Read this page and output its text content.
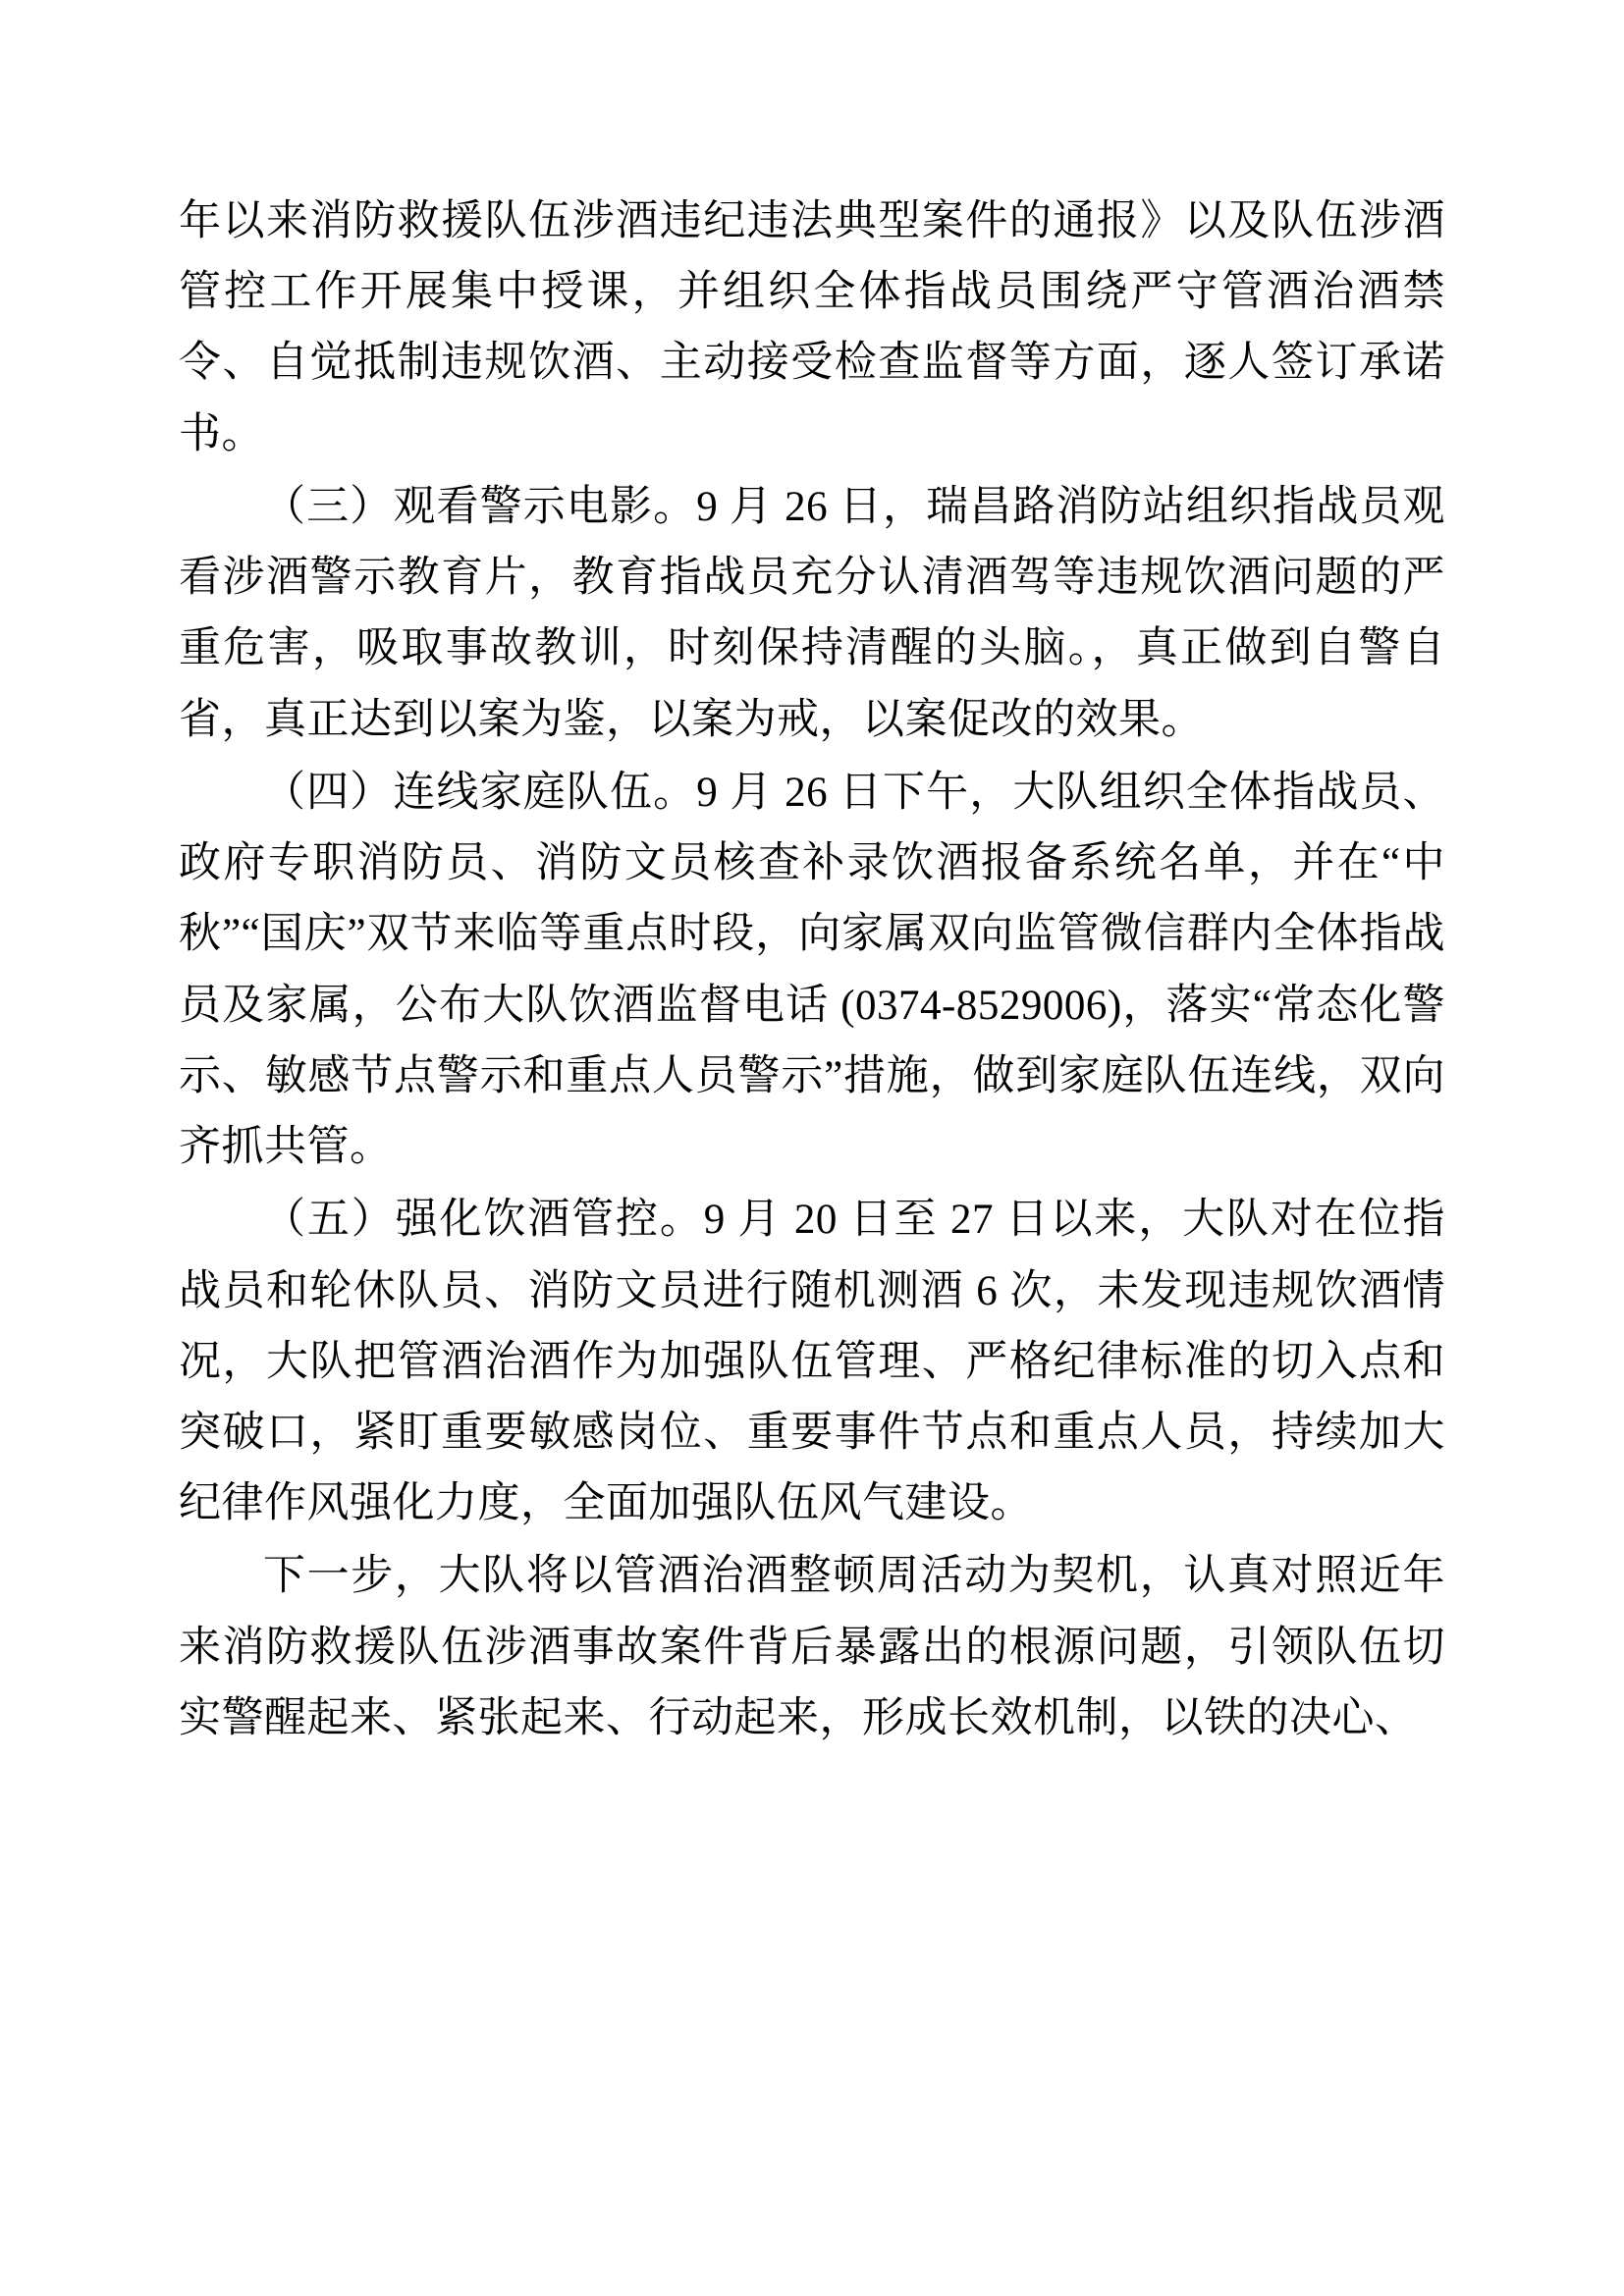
年以来消防救援队伍涉酒违纪违法典型案件的通报》以及队伍涉酒管控工作开展集中授课，并组织全体指战员围绕严守管酒治酒禁令、自觉抵制违规饮酒、主动接受检查监督等方面，逐人签订承诺书。

（三）观看警示电影。9 月 26 日，瑞昌路消防站组织指战员观看涉酒警示教育片，教育指战员充分认清酒驾等违规饮酒问题的严重危害，吸取事故教训，时刻保持清醒的头脑。，真正做到自警自省，真正达到以案为鉴，以案为戒，以案促改的效果。

（四）连线家庭队伍。9 月 26 日下午，大队组织全体指战员、政府专职消防员、消防文员核查补录饮酒报备系统名单，并在“中秋”“国庆”双节来临等重点时段，向家属双向监管微信群内全体指战员及家属，公布大队饮酒监督电话 (0374-8529006)，落实“常态化警示、敏感节点警示和重点人员警示”措施，做到家庭队伍连线，双向齐抓共管。

（五）强化饮酒管控。9 月 20 日至 27 日以来，大队对在位指战员和轮休队员、消防文员进行随机测酒 6 次，未发现违规饮酒情况，大队把管酒治酒作为加强队伍管理、严格纪律标准的切入点和突破口，紧盯重要敏感岗位、重要事件节点和重点人员，持续加大纪律作风强化力度，全面加强队伍风气建设。

下一步，大队将以管酒治酒整顿周活动为契机，认真对照近年来消防救援队伍涉酒事故案件背后暴露出的根源问题，引领队伍切实警醒起来、紧张起来、行动起来，形成长效机制，以铁的决心、
